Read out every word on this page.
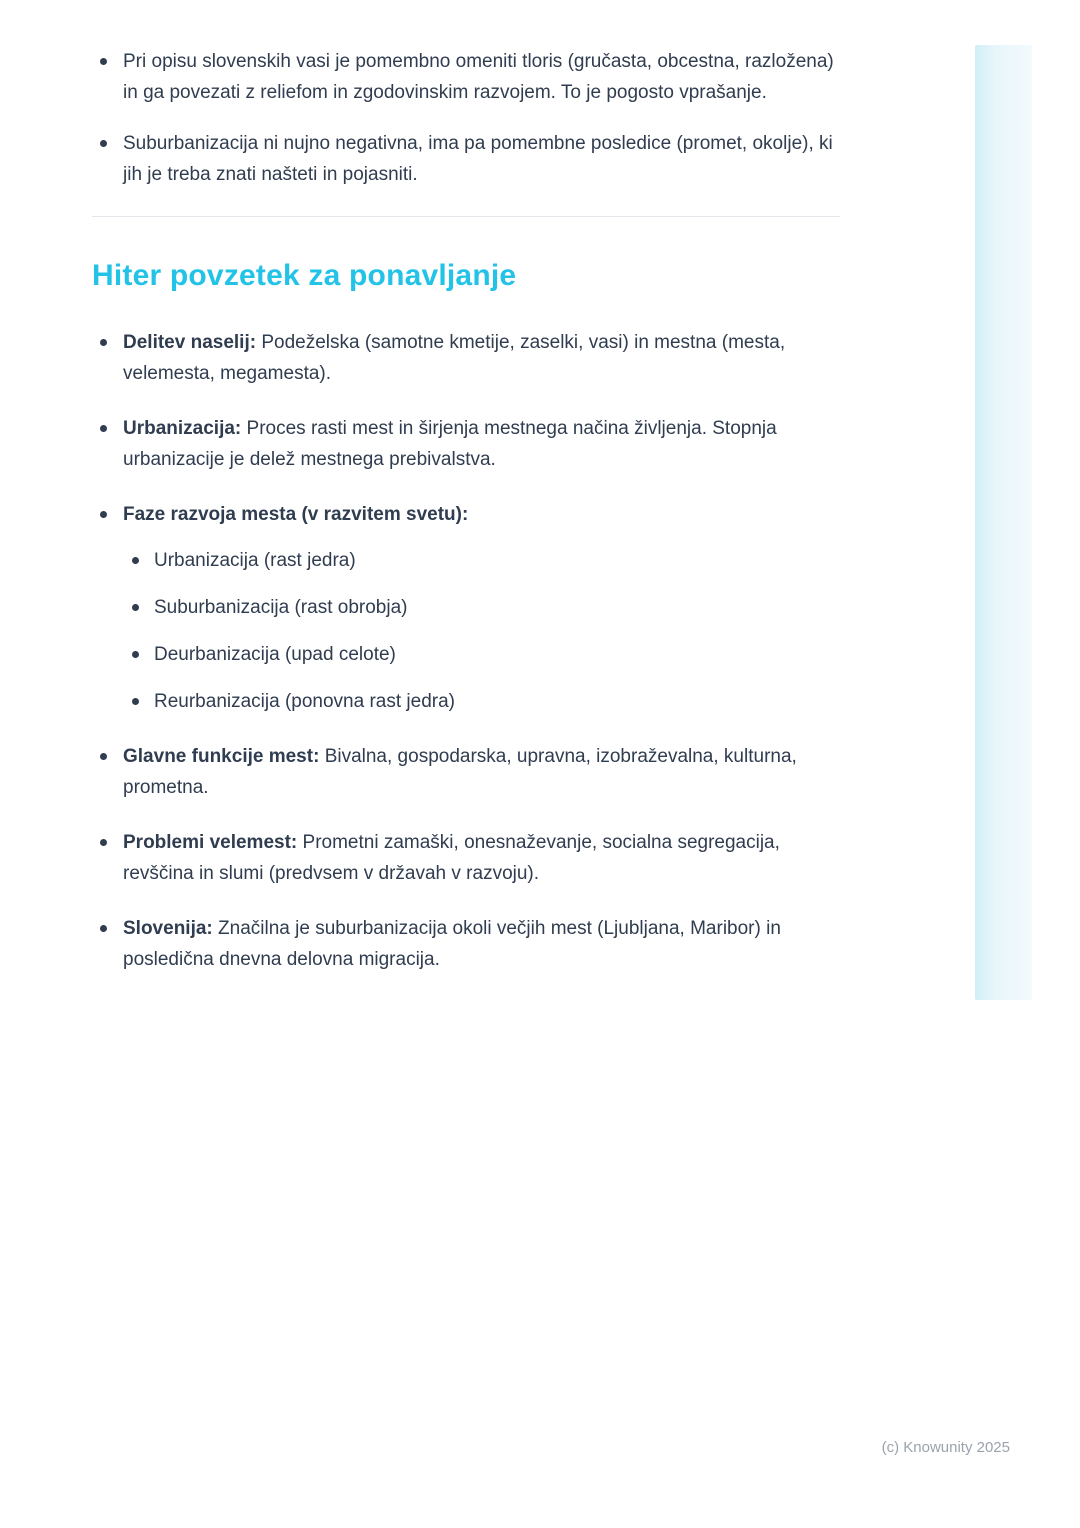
Pri opisu slovenskih vasi je pomembno omeniti tloris (gručasta, obcestna, razložena) in ga povezati z reliefom in zgodovinskim razvojem. To je pogosto vprašanje.
Suburbanizacija ni nujno negativna, ima pa pomembne posledice (promet, okolje), ki jih je treba znati našteti in pojasniti.
Hiter povzetek za ponavljanje
Delitev naselij: Podeželska (samotne kmetije, zaselki, vasi) in mestna (mesta, velemesta, megamesta).
Urbanizacija: Proces rasti mest in širjenja mestnega načina življenja. Stopnja urbanizacije je delež mestnega prebivalstva.
Faze razvoja mesta (v razvitem svetu):
Urbanizacija (rast jedra)
Suburbanizacija (rast obrobja)
Deurbanizacija (upad celote)
Reurbanizacija (ponovna rast jedra)
Glavne funkcije mest: Bivalna, gospodarska, upravna, izobraževalna, kulturna, prometna.
Problemi velemest: Prometni zamaški, onesnaževanje, socialna segregacija, revščina in slumi (predvsem v državah v razvoju).
Slovenija: Značilna je suburbanizacija okoli večjih mest (Ljubljana, Maribor) in posledična dnevna delovna migracija.
(c) Knowunity 2025
